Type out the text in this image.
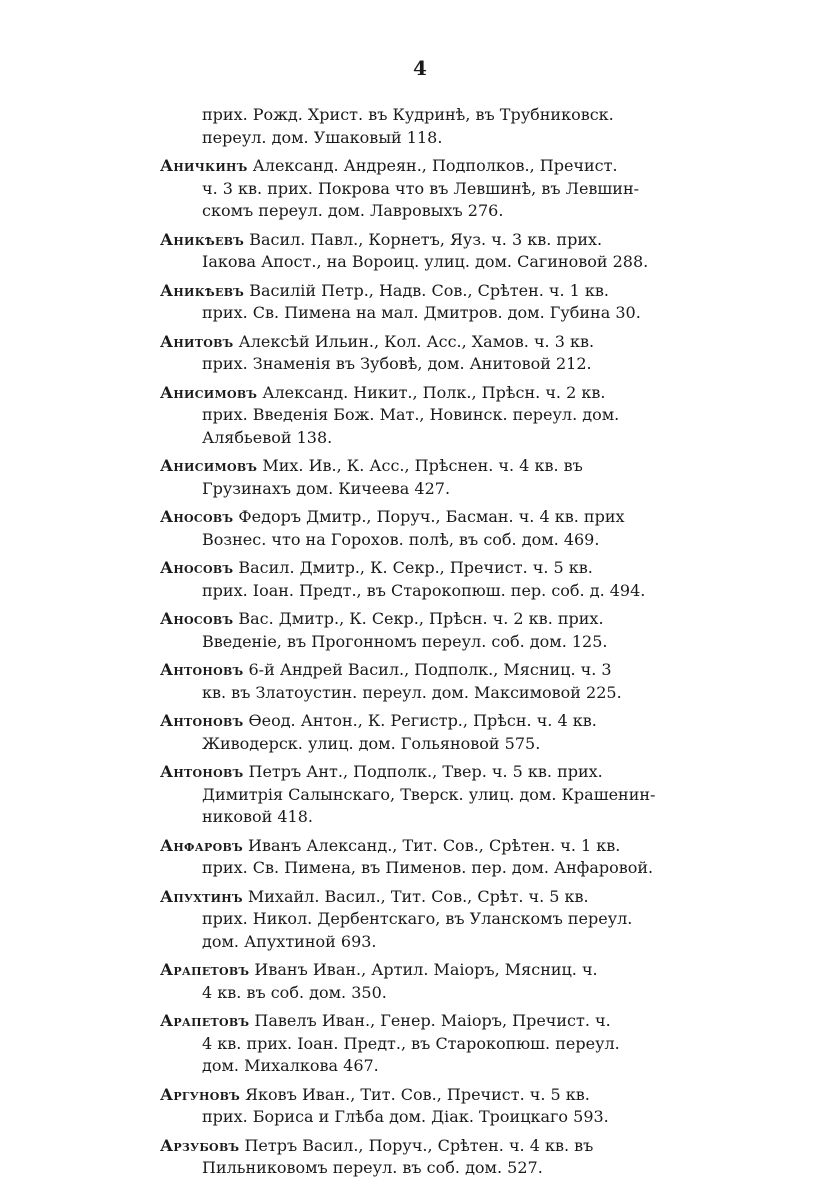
4
прих. Рожд. Христ. въ Кудринѣ, въ Трубниковск.
переул. дом. Ушаковый 118.
Аничкинъ Александ. Андреян., Подполков., Пречист.
ч. 3 кв. прих. Покрова что въ Левшинѣ, въ Левшин-
скомъ переул. дом. Лавровыхъ 276.
Аникѣевъ Васил. Павл., Корнетъ, Яуз. ч. 3 кв. прих.
Іакова Апост., на Вороиц. улиц. дом. Сагиновой 288.
Аникѣевъ Василій Петр., Надв. Сов., Срѣтен. ч. 1 кв.
прих. Св. Пимена на мал. Дмитров. дом. Губина 30.
Анитовъ Алексѣй Ильин., Кол. Асс., Хамов. ч. 3 кв.
прих. Знаменія въ Зубовѣ, дом. Анитовой 212.
Анисимовъ Александ. Никит., Полк., Прѣсн. ч. 2 кв.
прих. Введенія Бож. Мат., Новинск. переул. дом.
Алябьевой 138.
Анисимовъ Мих. Ив., К. Асс., Прѣснен. ч. 4 кв. въ
Грузинахъ дом. Кичеева 427.
Аносовъ Федоръ Дмитр., Поруч., Басман. ч. 4 кв. прих
Вознес. что на Горохов. полѣ, въ соб. дом. 469.
Аносовъ Васил. Дмитр., К. Секр., Пречист. ч. 5 кв.
прих. Іоан. Предт., въ Старокопюш. пер. соб. д. 494.
Аносовъ Вас. Дмитр., К. Секр., Прѣсн. ч. 2 кв. прих.
Введеніе, въ Прогонномъ переул. соб. дом. 125.
Антоновъ 6-й Андрей Васил., Подполк., Мясниц. ч. 3
кв. въ Златоустин. переул. дом. Максимовой 225.
Антоновъ Ѳеод. Антон., К. Регистр., Прѣсн. ч. 4 кв.
Живодерск. улиц. дом. Гольяновой 575.
Антоновъ Петръ Ант., Подполк., Твер. ч. 5 кв. прих.
Димитрія Салынскаго, Тверск. улиц. дом. Крашенин-
никовой 418.
Анфаровъ Иванъ Александ., Тит. Сов., Срѣтен. ч. 1 кв.
прих. Св. Пимена, въ Пименов. пер. дом. Анфаровой.
Апухтинъ Михайл. Васил., Тит. Сов., Срѣт. ч. 5 кв.
прих. Никол. Дербентскаго, въ Уланскомъ переул.
дом. Апухтиной 693.
Арапетовъ Иванъ Иван., Артил. Маіоръ, Мясниц. ч.
4 кв. въ соб. дом. 350.
Арапетовъ Павелъ Иван., Генер. Маіоръ, Пречист. ч.
4 кв. прих. Іоан. Предт., въ Старокопюш. переул.
дом. Михалкова 467.
Аргуновъ Яковъ Иван., Тит. Сов., Пречист. ч. 5 кв.
прих. Бориса и Глѣба дом. Діак. Троицкаго 593.
Арзубовъ Петръ Васил., Поруч., Срѣтен. ч. 4 кв. въ
Пильниковомъ переул. въ соб. дом. 527.
